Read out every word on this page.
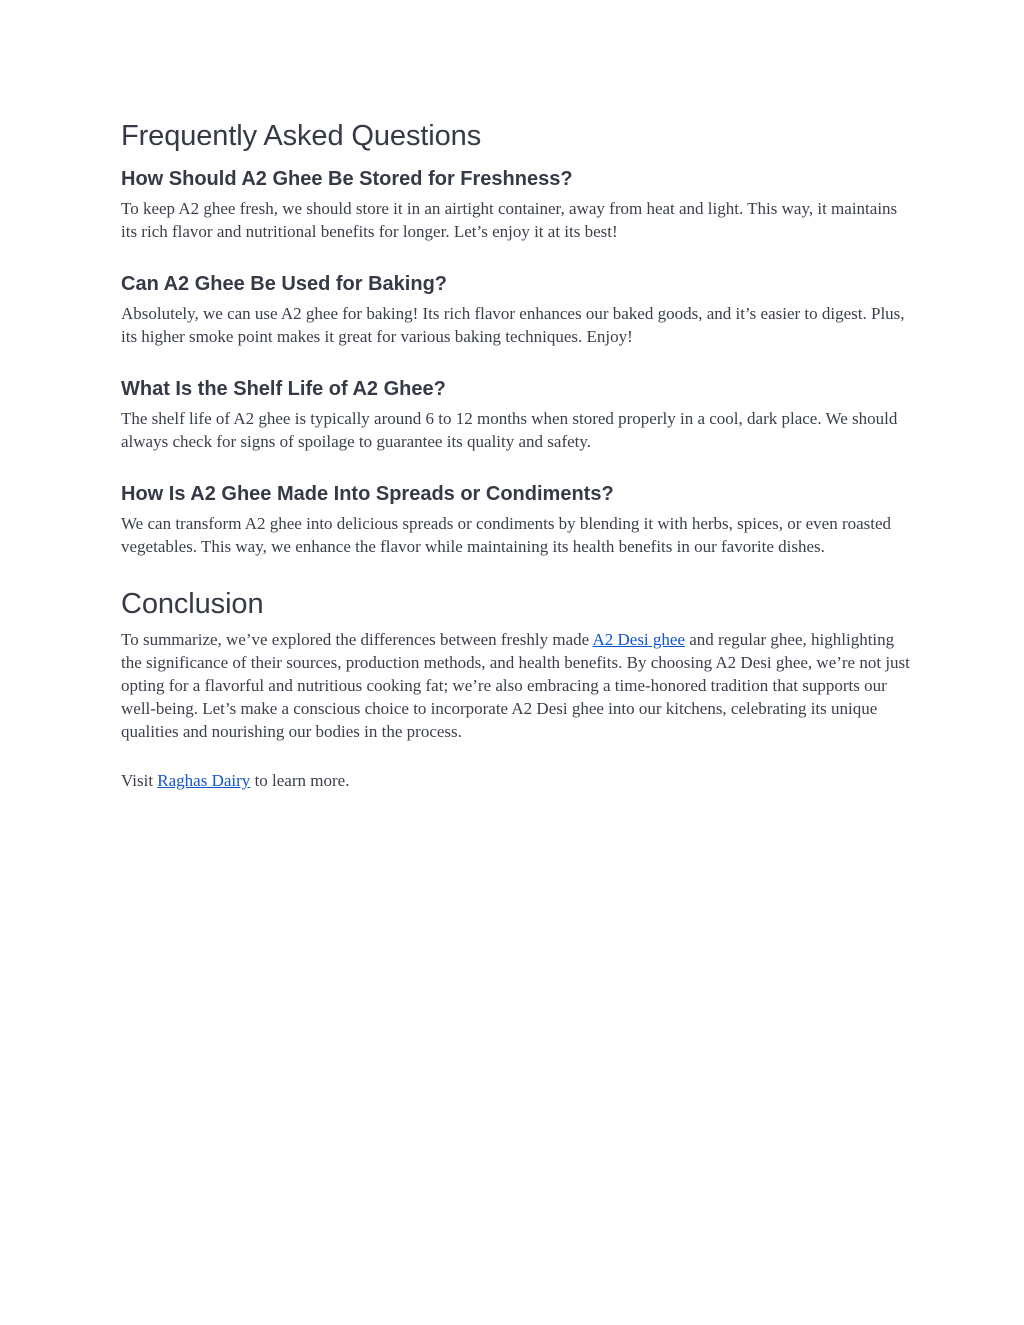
Frequently Asked Questions
How Should A2 Ghee Be Stored for Freshness?

To keep A2 ghee fresh, we should store it in an airtight container, away from heat and light. This way, it maintains its rich flavor and nutritional benefits for longer. Let’s enjoy it at its best!

Can A2 Ghee Be Used for Baking?

Absolutely, we can use A2 ghee for baking! Its rich flavor enhances our baked goods, and it’s easier to digest. Plus, its higher smoke point makes it great for various baking techniques. Enjoy!

What Is the Shelf Life of A2 Ghee?

The shelf life of A2 ghee is typically around 6 to 12 months when stored properly in a cool, dark place. We should always check for signs of spoilage to guarantee its quality and safety.

How Is A2 Ghee Made Into Spreads or Condiments?

We can transform A2 ghee into delicious spreads or condiments by blending it with herbs, spices, or even roasted vegetables. This way, we enhance the flavor while maintaining its health benefits in our favorite dishes.

Conclusion

To summarize, we’ve explored the differences between freshly made A2 Desi ghee and regular ghee, highlighting the significance of their sources, production methods, and health benefits. By choosing A2 Desi ghee, we’re not just opting for a flavorful and nutritious cooking fat; we’re also embracing a time-honored tradition that supports our well-being. Let’s make a conscious choice to incorporate A2 Desi ghee into our kitchens, celebrating its unique qualities and nourishing our bodies in the process.

Visit Raghas Dairy to learn more.
